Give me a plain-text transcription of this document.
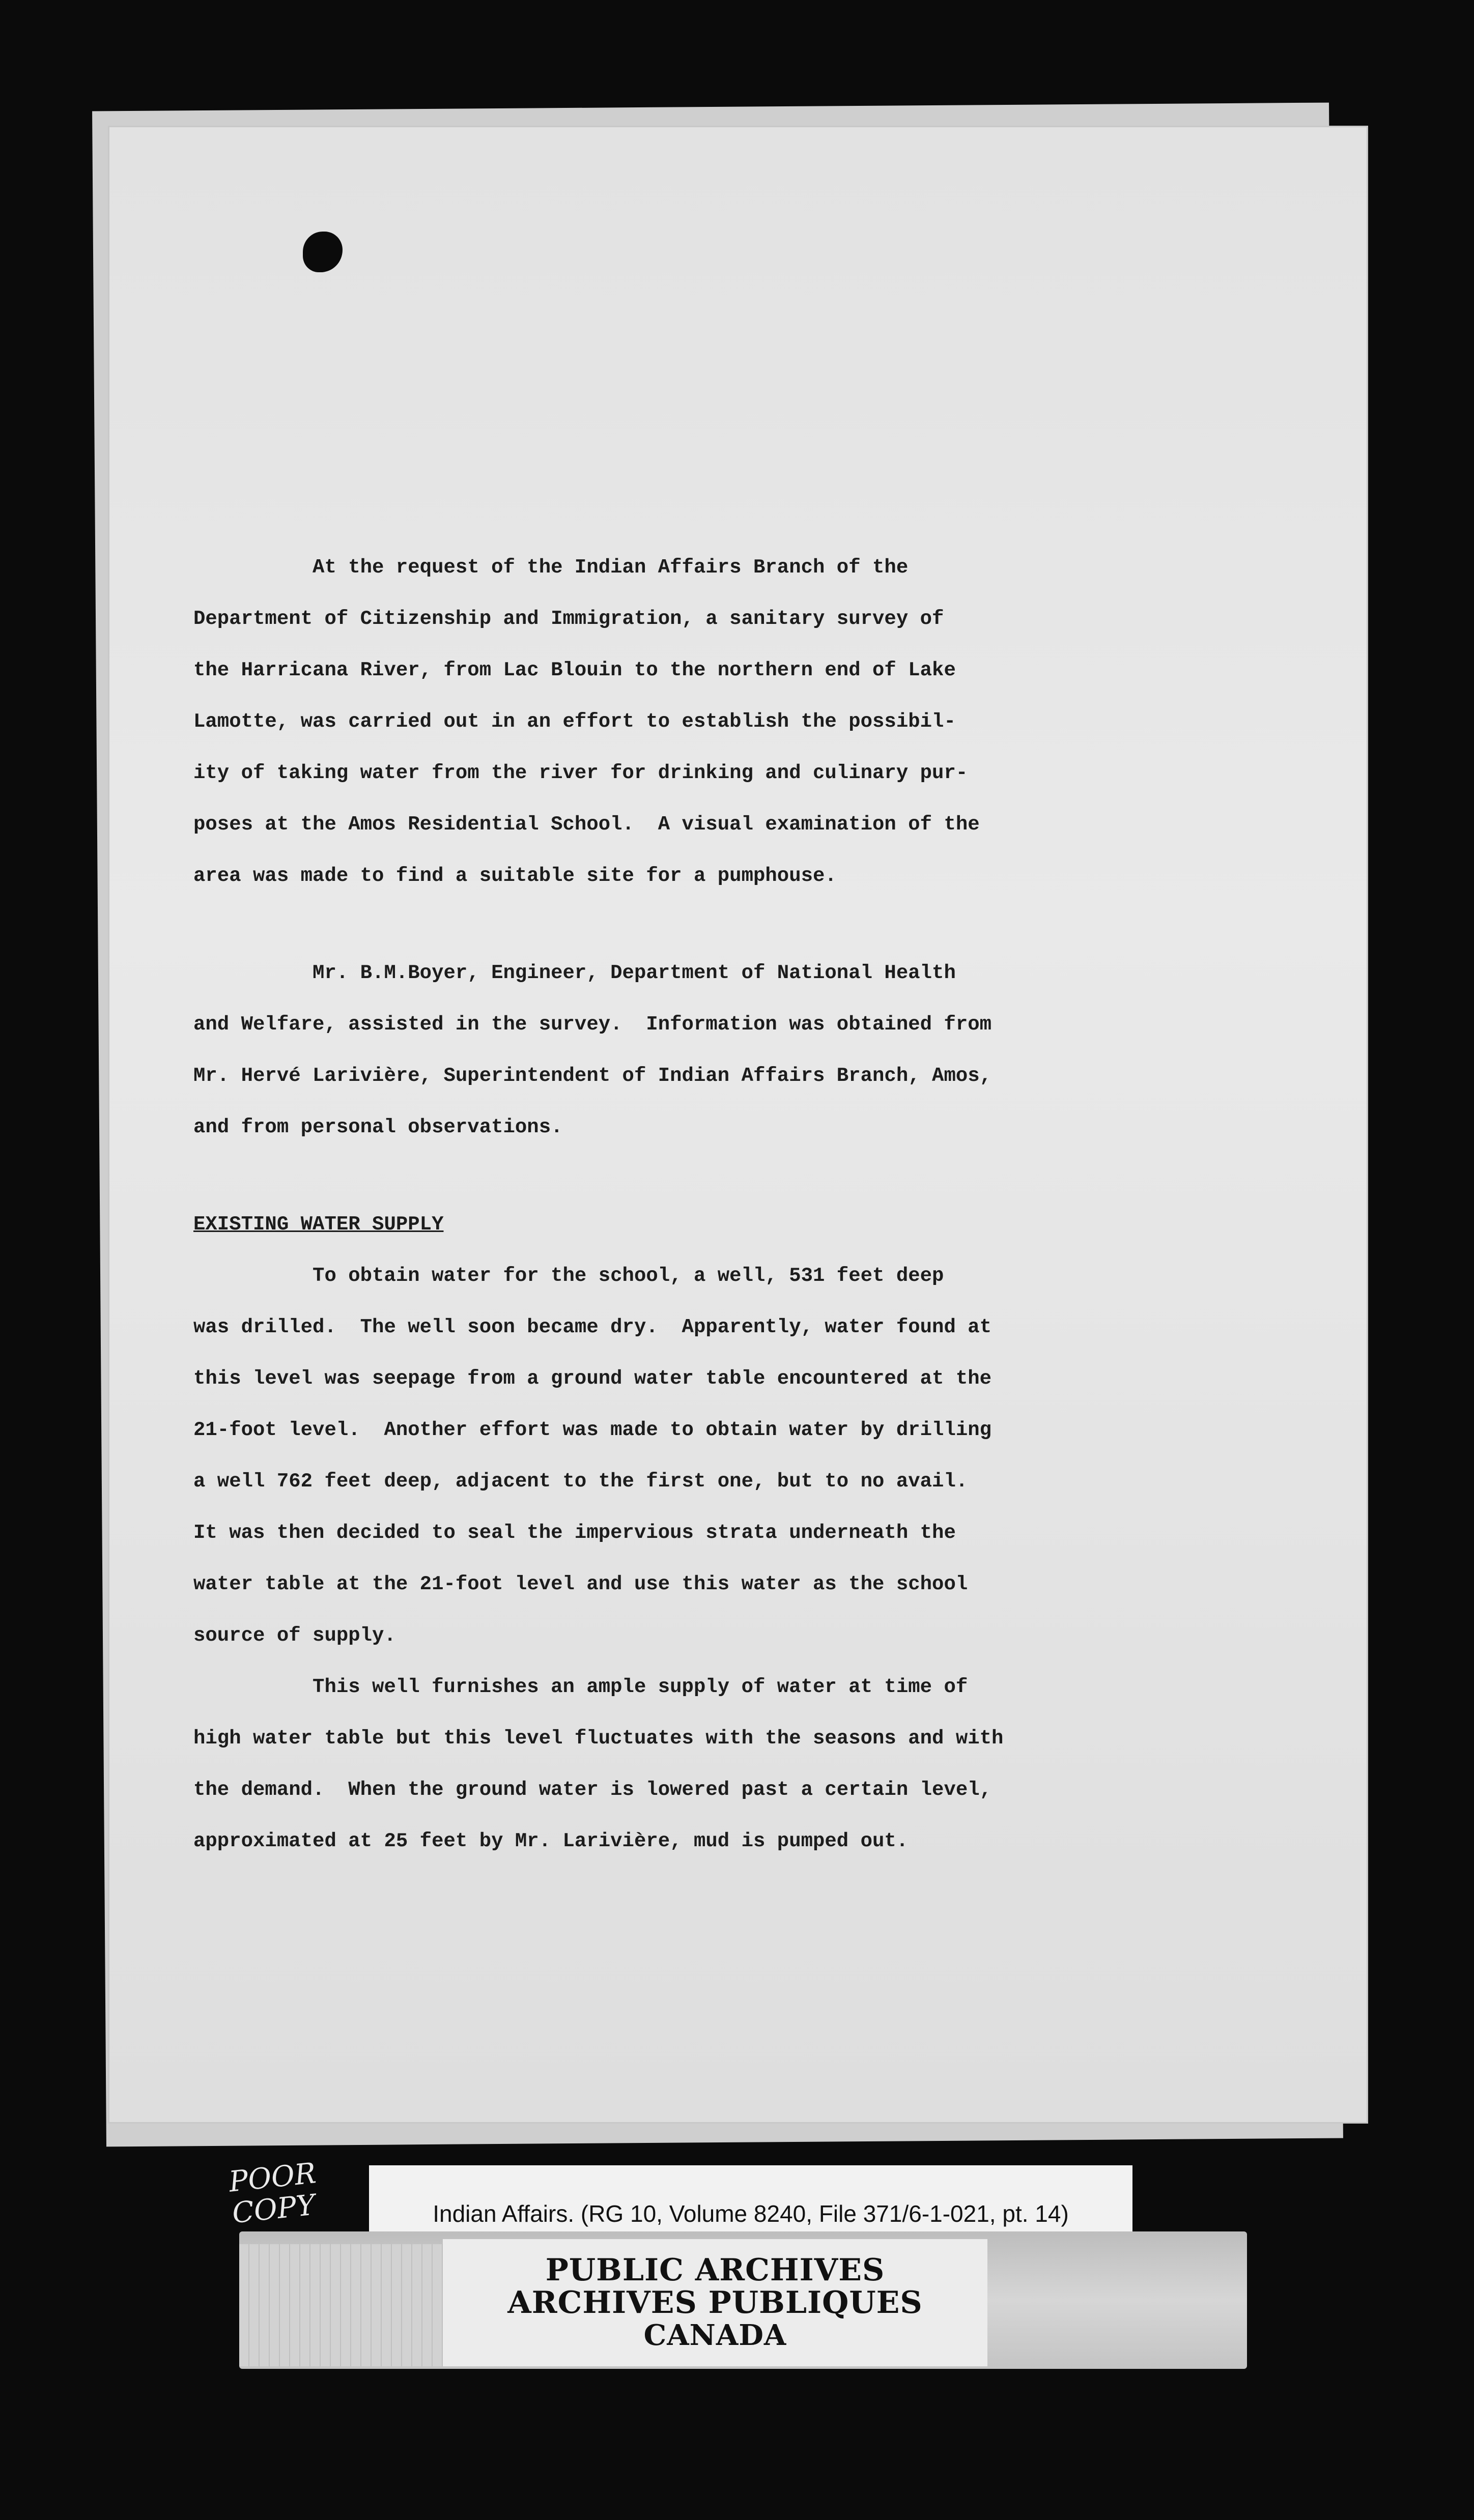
At the request of the Indian Affairs Branch of the
Department of Citizenship and Immigration, a sanitary survey of
the Harricana River, from Lac Blouin to the northern end of Lake
Lamotte, was carried out in an effort to establish the possibil-
ity of taking water from the river for drinking and culinary pur-
poses at the Amos Residential School.  A visual examination of the
area was made to find a suitable site for a pumphouse.
Mr. B.M.Boyer, Engineer, Department of National Health
and Welfare, assisted in the survey.  Information was obtained from
Mr. Hervé Larivière, Superintendent of Indian Affairs Branch, Amos,
and from personal observations.
EXISTING WATER SUPPLY
To obtain water for the school, a well, 531 feet deep
was drilled.  The well soon became dry.  Apparently, water found at
this level was seepage from a ground water table encountered at the
21-foot level.  Another effort was made to obtain water by drilling
a well 762 feet deep, adjacent to the first one, but to no avail.
It was then decided to seal the impervious strata underneath the
water table at the 21-foot level and use this water as the school
source of supply.
This well furnishes an ample supply of water at time of
high water table but this level fluctuates with the seasons and with
the demand.  When the ground water is lowered past a certain level,
approximated at 25 feet by Mr. Larivière, mud is pumped out.
POOR COPY	Indian Affairs. (RG 10, Volume 8240, File 371/6-1-021, pt. 14)
PUBLIC ARCHIVES
ARCHIVES PUBLIQUES
CANADA
